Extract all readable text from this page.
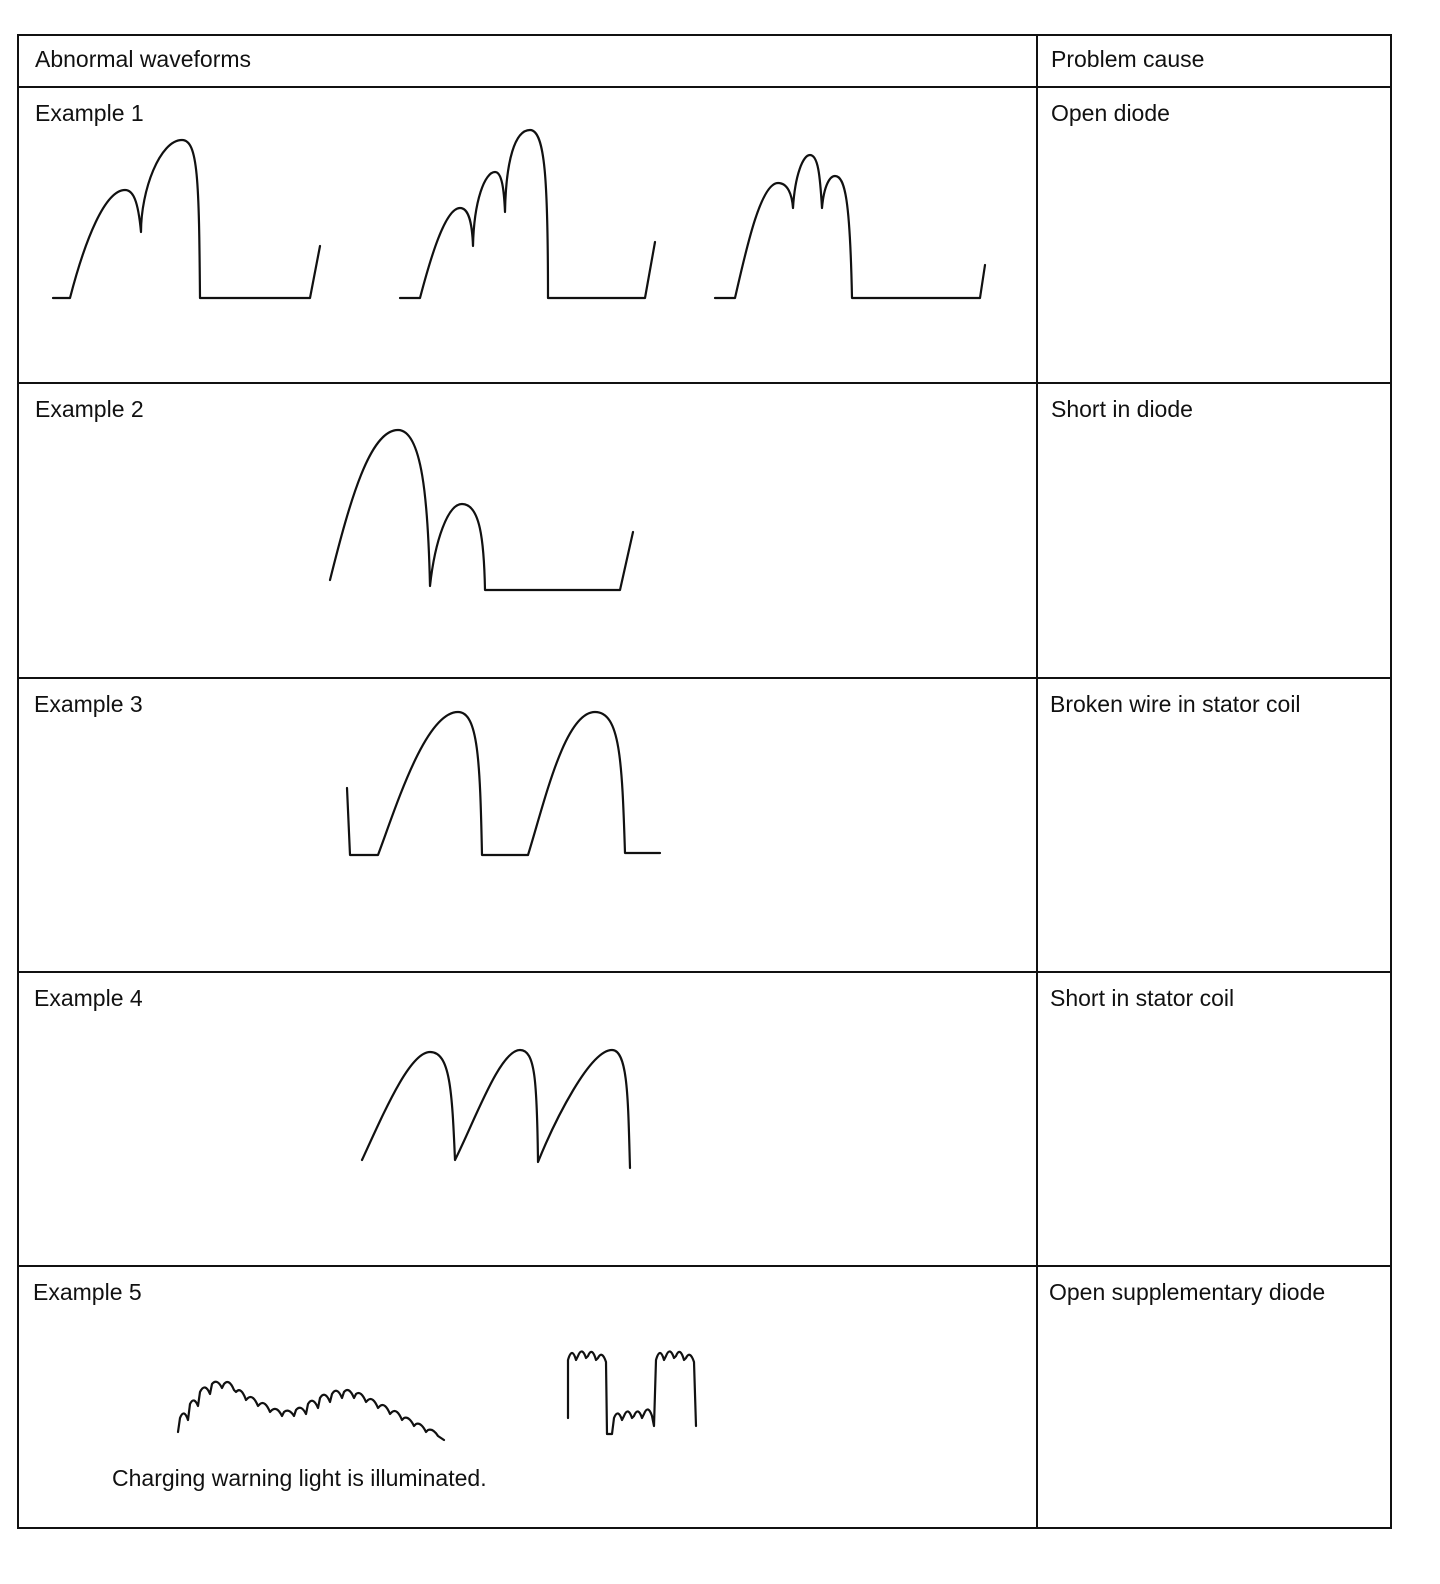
Abnormal waveforms	Problem cause
Example 1	Open diode
Example 2	Short in diode
Example 3	Broken wire in stator coil
Example 4	Short in stator coil
Example 5	Open supplementary diode
Charging warning light is illuminated.
